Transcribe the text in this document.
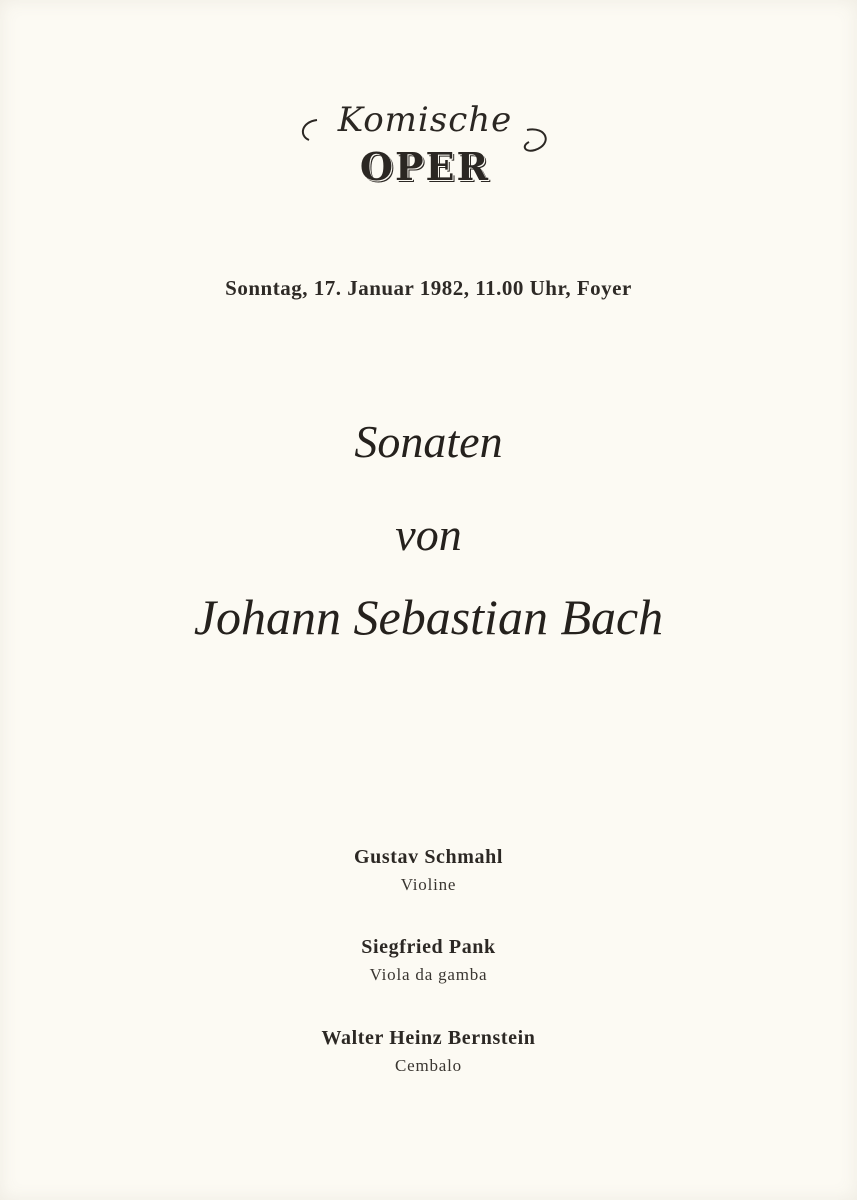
Komische
OPER
Sonntag, 17. Januar 1982, 11.00 Uhr, Foyer
Sonaten
von
Johann Sebastian Bach
Gustav Schmahl
Violine
Siegfried Pank
Viola da gamba
Walter Heinz Bernstein
Cembalo
